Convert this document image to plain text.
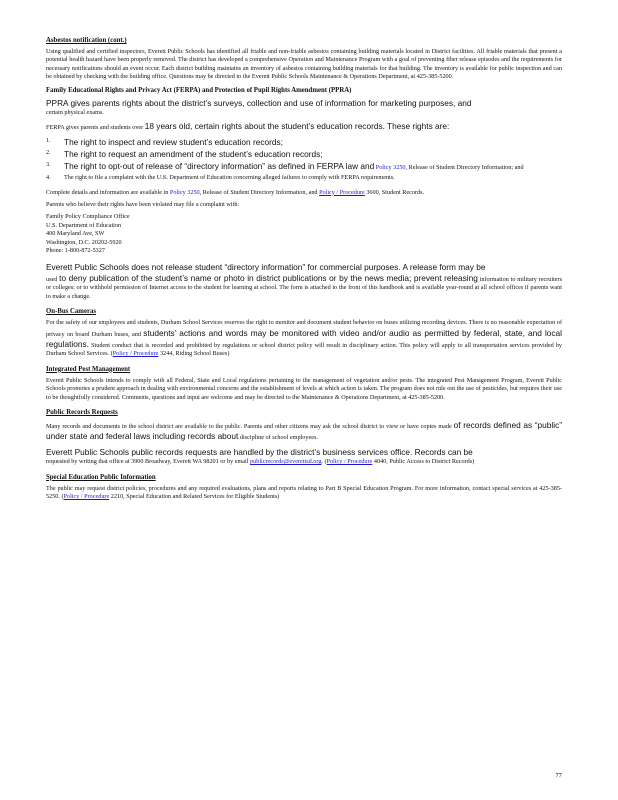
Asbestos notification (cont.)

Using qualified and certified inspectors, Everett Public Schools has identified all friable and non-friable asbestos containing building materials located in District facilities. All friable materials that present a potential health hazard have been properly removed. The district has developed a comprehensive Operation and Maintenance Program with a goal of preventing fiber release episodes and the requirements for necessary notifications should an event occur. Each district building maintains an inventory of asbestos containing building materials for that building. The inventory is available for public inspection and can be obtained by checking with the building office. Questions may be directed to the Everett Public Schools Maintenance & Operations Department, at 425-385-5200.

Family Educational Rights and Privacy Act (FERPA) and Protection of Pupil Rights Amendment (PPRA)

PPRA gives parents rights about the district’s surveys, collection and use of information for marketing purposes, and
certain physical exams.

FERPA gives parents and students over 18 years old, certain rights about the student’s education records. These rights are:

1.	The right to inspect and review student’s education records;
2.	The right to request an amendment of the student’s education records;
3.	The right to opt-out of release of “directory information” as defined in FERPA law and Policy 3250, Release of Student Directory Information; and
4.	The right to file a complaint with the U.S. Department of Education concerning alleged failures to comply with FERPA requirements.

Complete details and information are available in Policy 3250, Release of Student Directory Information, and Policy / Procedure 3600, Student Records.

Parents who believe their rights have been violated may file a complaint with:

Family Policy Compliance Office
U.S. Department of Education
400 Maryland Ave, SW
Washington, D.C. 20202-5920
Phone: 1-800-872-5327

Everett Public Schools does not release student “directory information” for commercial purposes. A release form may be
used to deny publication of the student’s name or photo in district publications or by the news media; prevent releasing information to military recruiters or colleges; or to withhold permission of Internet access to the student for learning at school. The form is attached to the front of this handbook and is available year-round at all school offices if parents want to make a change.

On-Bus Cameras

For the safety of our employees and students, Durham School Services reserves the right to monitor and document student behavior on buses utilizing recording devices. There is no reasonable expectation of privacy on board Durham buses, and students’ actions and words may be monitored with video and/or audio as permitted by federal, state, and local regulations. Student conduct that is recorded and prohibited by regulations or school district policy will result in disciplinary action. This policy will apply to all transportation services provided by Durham School Services. (Policy / Procedure 3244, Riding School Buses)

Integrated Pest Management

Everett Public Schools intends to comply with all Federal, State and Local regulations pertaining to the management of vegetation and/or pests. The integrated Pest Management Program, Everett Public Schools promotes a prudent approach in dealing with environmental concerns and the establishment of levels at which action is taken. The program does not rule out the use of pesticides, but requires their use to be thoughtfully considered. Comments, questions and input are welcome and may be directed to the Maintenance & Operations Department, at 425-385-5200.

Public Records Requests

Many records and documents in the school district are available to the public. Parents and other citizens may ask the school district to view or have copies made of records defined as “public” under state and federal laws including records about discipline of school employees.

Everett Public Schools public records requests are handled by the district’s business services office. Records can be
requested by writing that office at 3900 Broadway, Everett WA 98201 or by email publicrecords@everettsd.org. (Policy / Procedure 4040, Public Access to District Records)

Special Education Public Information

The public may request district policies, procedures and any required evaluations, plans and reports relating to Part B Special Education Program. For more information, contact special services at 425-385-5250. (Policy / Procedure 2210, Special Education and Related Services for Eligible Students)

77
